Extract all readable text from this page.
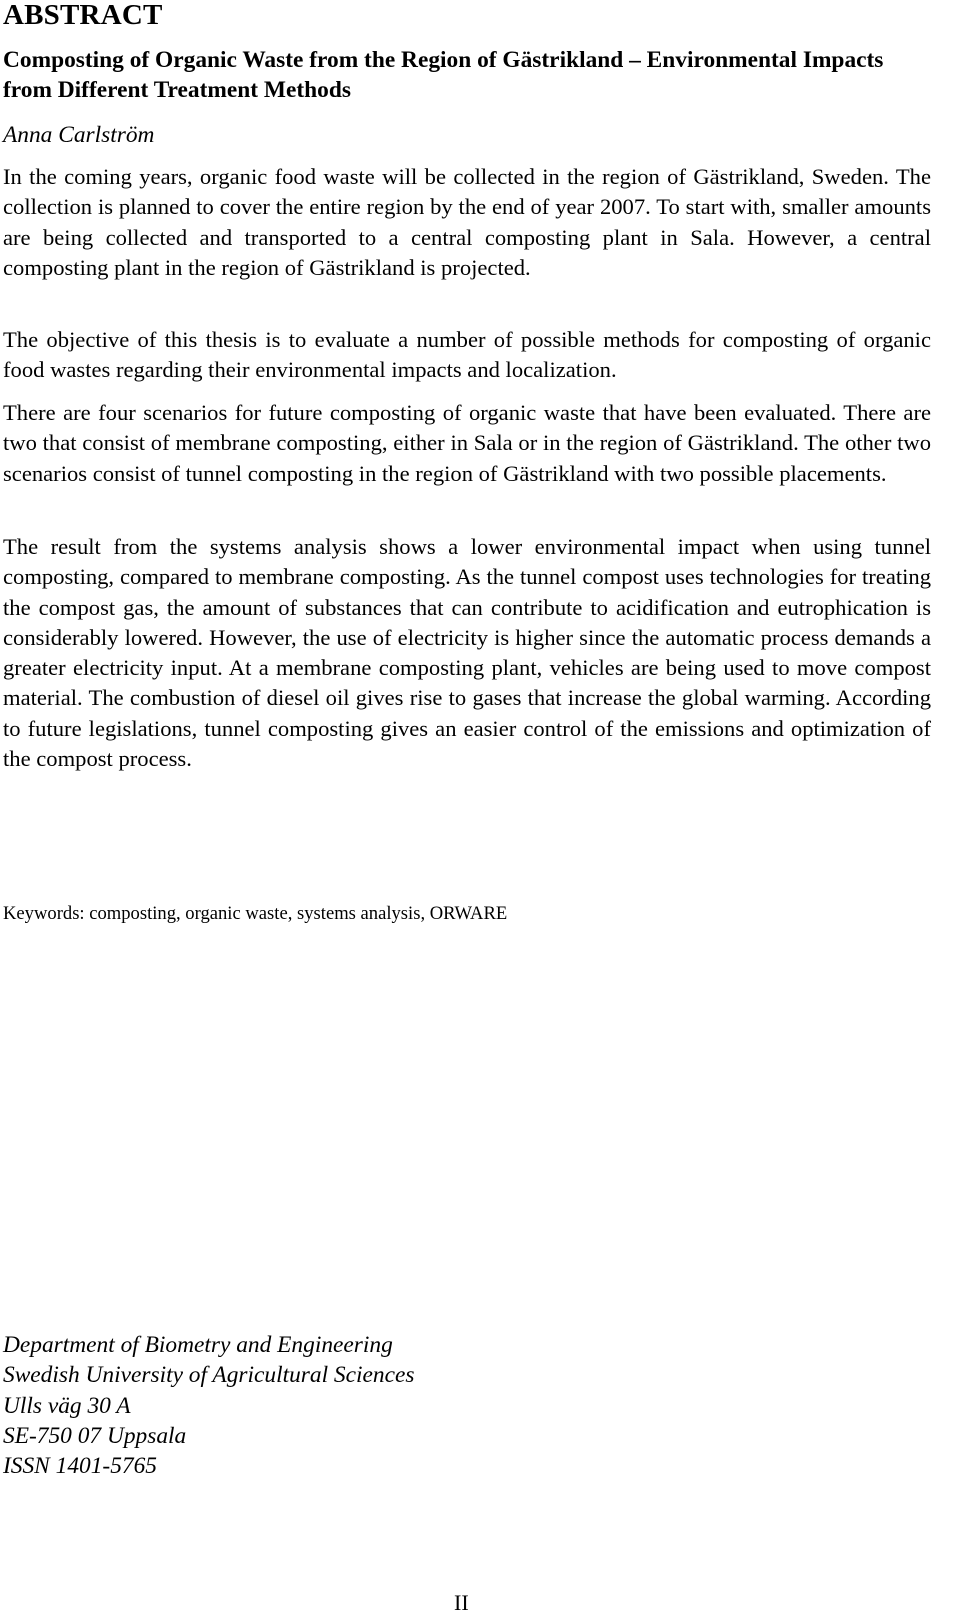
ABSTRACT
Composting of Organic Waste from the Region of Gästrikland – Environmental Impacts from Different Treatment Methods

Anna Carlström

In the coming years, organic food waste will be collected in the region of Gästrikland, Sweden. The collection is planned to cover the entire region by the end of year 2007. To start with, smaller amounts are being collected and transported to a central composting plant in Sala. However, a central composting plant in the region of Gästrikland is projected.

The objective of this thesis is to evaluate a number of possible methods for composting of organic food wastes regarding their environmental impacts and localization.

There are four scenarios for future composting of organic waste that have been evaluated. There are two that consist of membrane composting, either in Sala or in the region of Gästrikland. The other two scenarios consist of tunnel composting in the region of Gästrikland with two possible placements.

The result from the systems analysis shows a lower environmental impact when using tunnel composting, compared to membrane composting. As the tunnel compost uses technologies for treating the compost gas, the amount of substances that can contribute to acidification and eutrophication is considerably lowered. However, the use of electricity is higher since the automatic process demands a greater electricity input. At a membrane composting plant, vehicles are being used to move compost material. The combustion of diesel oil gives rise to gases that increase the global warming. According to future legislations, tunnel composting gives an easier control of the emissions and optimization of the compost process.

Keywords: composting, organic waste, systems analysis, ORWARE

Department of Biometry and Engineering
Swedish University of Agricultural Sciences
Ulls väg 30 A
SE-750 07 Uppsala
ISSN 1401-5765

II
